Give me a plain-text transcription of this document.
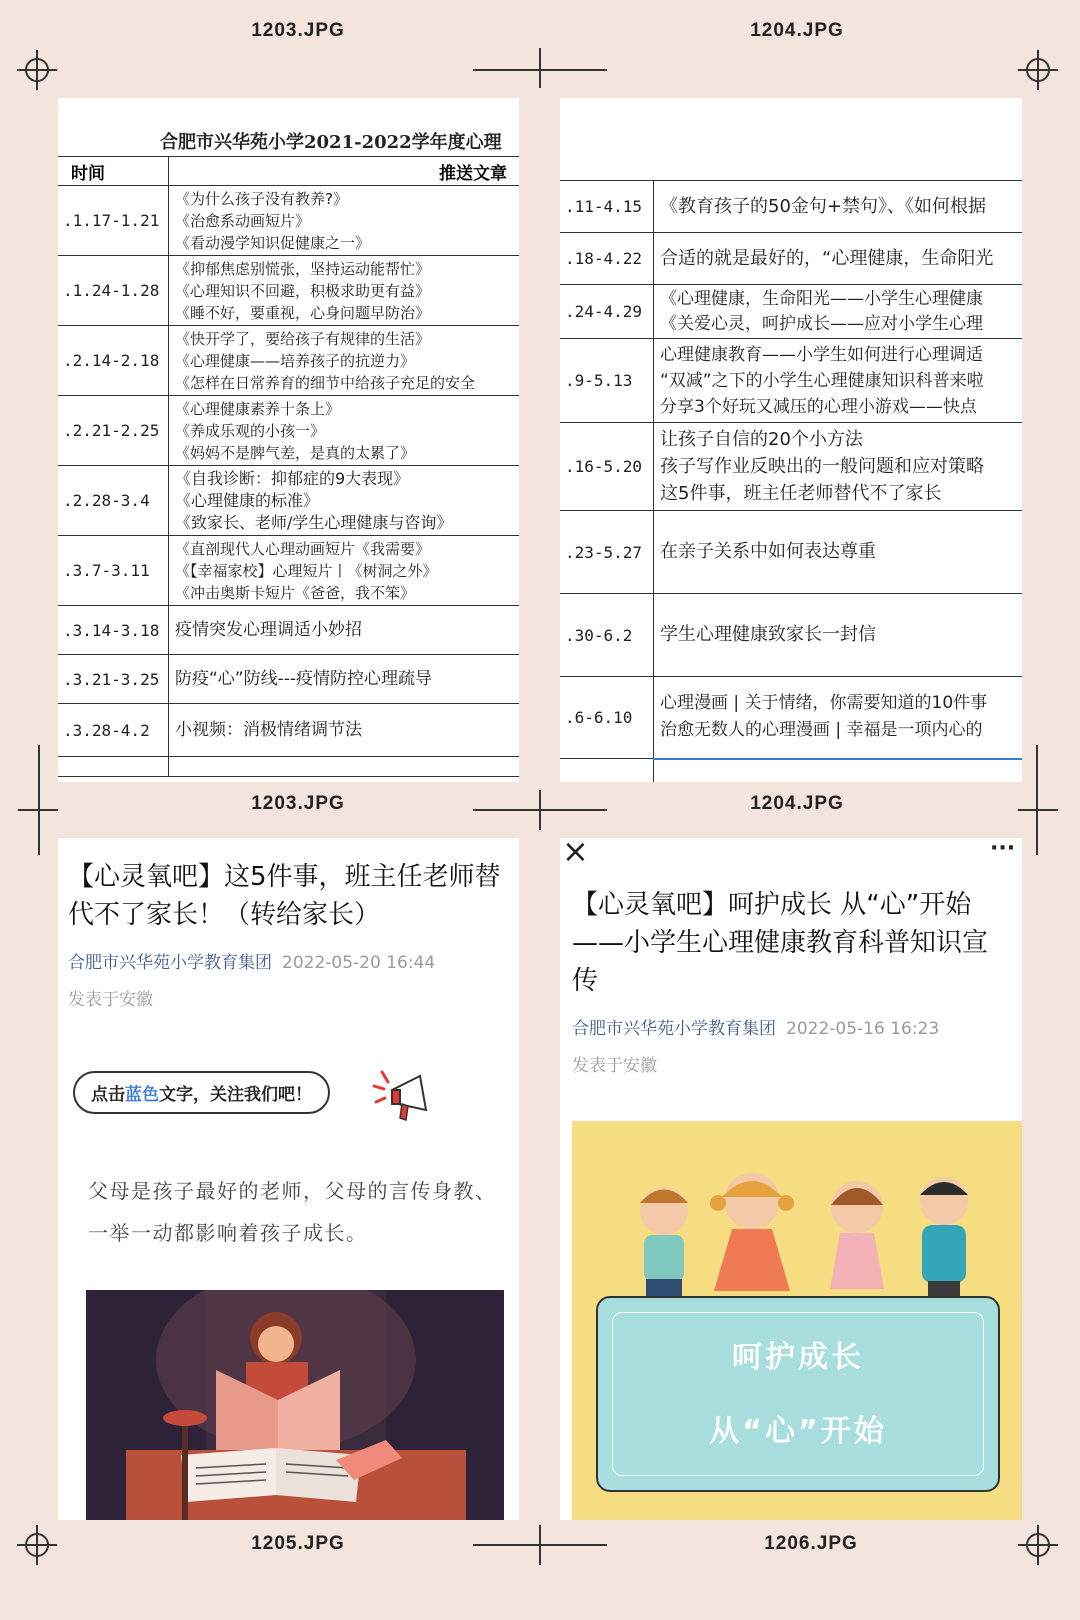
1203.JPG	1204.JPG
1203.JPG	1204.JPG
1205.JPG	1206.JPG
合肥市兴华苑小学2021-2022学年度心理
时间	推送文章
.1.17-1.21	《为什么孩子没有教养?》
《治愈系动画短片》
《看动漫学知识促健康之一》

.1.24-1.28	《抑郁焦虑别慌张，坚持运动能帮忙》
《心理知识不回避，积极求助更有益》
《睡不好，要重视，心身问题早防治》

.2.14-2.18	《快开学了，要给孩子有规律的生活》
《心理健康——培养孩子的抗逆力》
《怎样在日常养育的细节中给孩子充足的安全

.2.21-2.25	《心理健康素养十条上》
《养成乐观的小孩一》
《妈妈不是脾气差，是真的太累了》

.2.28-3.4	《自我诊断：抑郁症的9大表现》
《心理健康的标准》
《致家长、老师/学生心理健康与咨询》

.3.7-3.11	《直剖现代人心理动画短片《我需要》
《【幸福家校】心理短片丨《树洞之外》
《冲击奥斯卡短片《爸爸，我不笨》

.3.14-3.18	疫情突发心理调适小妙招

.3.21-3.25	防疫“心”防线---疫情防控心理疏导

.3.28-4.2	小视频：消极情绪调节法

.11-4.15	《教育孩子的50金句+禁句》、《如何根据

.18-4.22	合适的就是最好的，“心理健康，生命阳光

.24-4.29	《心理健康，生命阳光——小学生心理健康
《关爱心灵，呵护成长——应对小学生心理

.9-5.13	心理健康教育——小学生如何进行心理调适
“双减”之下的小学生心理健康知识科普来啦
分享3个好玩又减压的心理小游戏——快点

.16-5.20	让孩子自信的20个小方法
孩子写作业反映出的一般问题和应对策略
这5件事，班主任老师替代不了家长

.23-5.27	在亲子关系中如何表达尊重

.30-6.2	学生心理健康致家长一封信

.6-6.10	心理漫画 | 关于情绪，你需要知道的10件事
治愈无数人的心理漫画 | 幸福是一项内心的

【心灵氧吧】这5件事，班主任老师替代不了家长！（转给家长）
合肥市兴华苑小学教育集团 2022-05-20 16:44
发表于安徽
点击蓝色文字，关注我们吧！
父母是孩子最好的老师，父母的言传身教、一举一动都影响着孩子成长。
×	···
【心灵氧吧】呵护成长 从“心”开始——小学生心理健康教育科普知识宣传
合肥市兴华苑小学教育集团 2022-05-16 16:23
发表于安徽
呵护成长
从“心”开始
